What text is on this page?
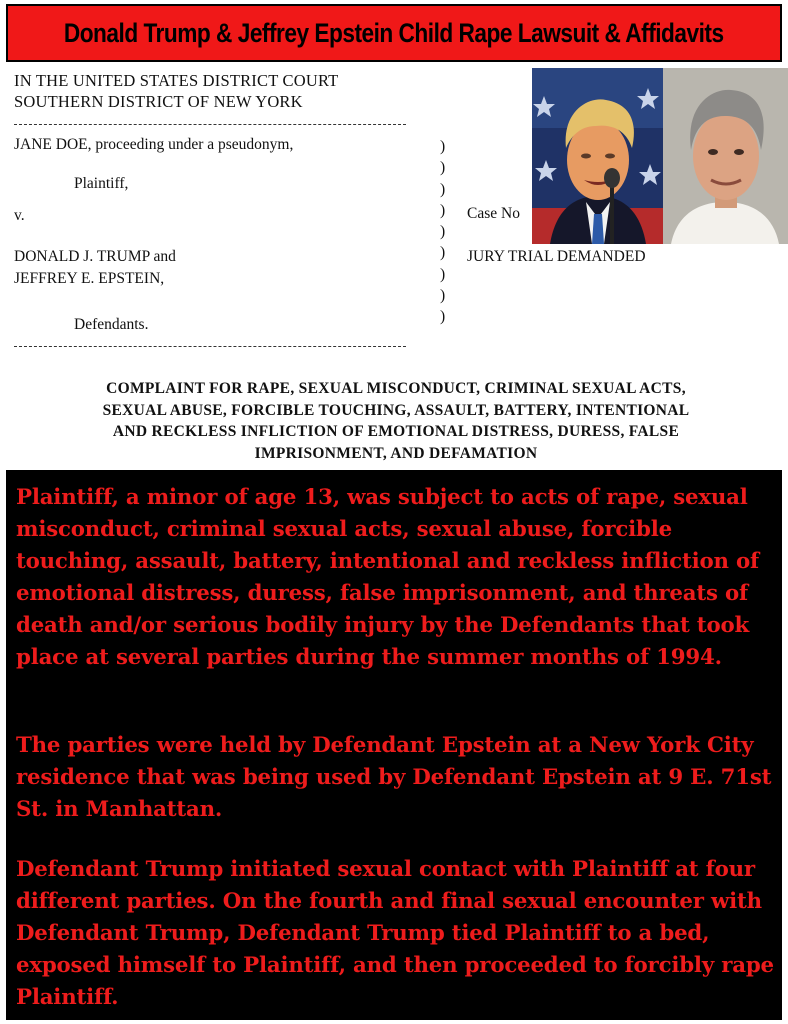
Donald Trump & Jeffrey Epstein Child Rape Lawsuit & Affidavits
IN THE UNITED STATES DISTRICT COURT
SOUTHERN DISTRICT OF NEW YORK
JANE DOE, proceeding under a pseudonym,
Plaintiff,
v.
DONALD J. TRUMP and
JEFFREY E. EPSTEIN,
Defendants.
)
)
)
)
)
)
)
)
)
Case No
JURY TRIAL DEMANDED
COMPLAINT FOR RAPE, SEXUAL MISCONDUCT, CRIMINAL SEXUAL ACTS,
SEXUAL ABUSE, FORCIBLE TOUCHING, ASSAULT, BATTERY, INTENTIONAL
AND RECKLESS INFLICTION OF EMOTIONAL DISTRESS, DURESS, FALSE
IMPRISONMENT, AND DEFAMATION

Plaintiff, a minor of age 13, was subject to acts of rape, sexual misconduct, criminal sexual acts, sexual abuse, forcible touching, assault, battery, intentional and reckless infliction of emotional distress, duress, false imprisonment, and threats of death and/or serious bodily injury by the Defendants that took place at several parties during the summer months of 1994.

The parties were held by Defendant Epstein at a New York City residence that was being used by Defendant Epstein at 9 E. 71st St. in Manhattan.

Defendant Trump initiated sexual contact with Plaintiff at four different parties. On the fourth and final sexual encounter with Defendant Trump, Defendant Trump tied Plaintiff to a bed, exposed himself to Plaintiff, and then proceeded to forcibly rape Plaintiff.
